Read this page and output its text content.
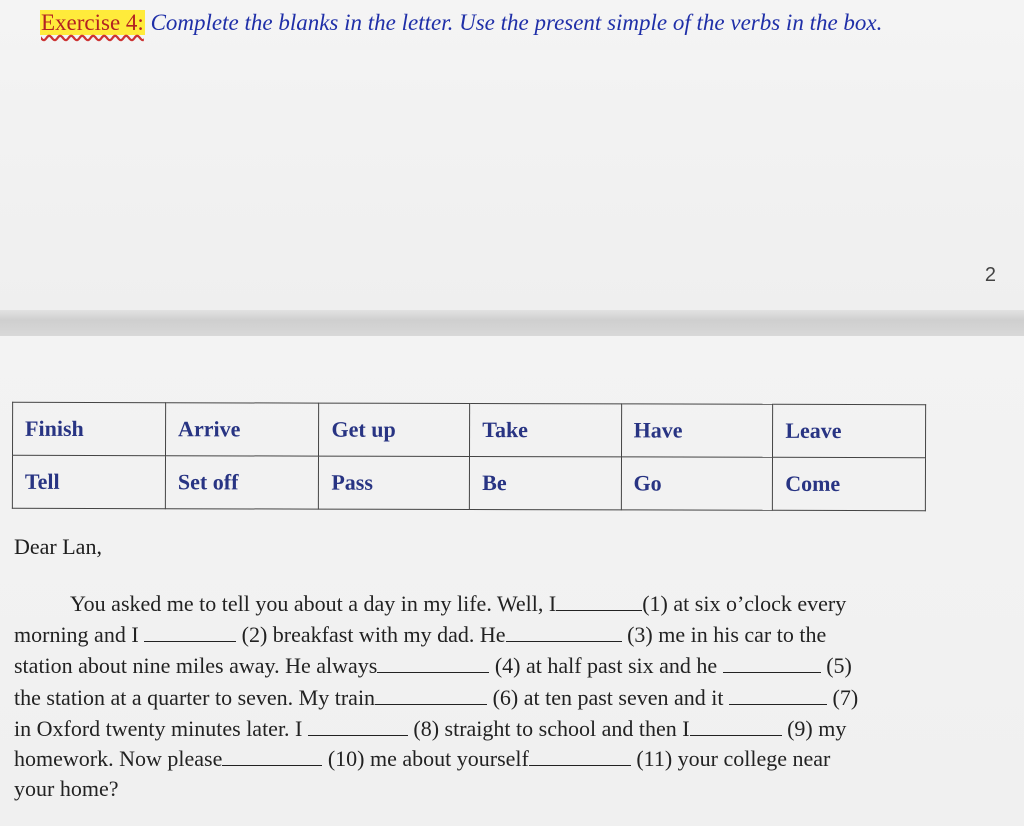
Exercise 4: Complete the blanks in the letter. Use the present simple of the verbs in the box.
2
Finish	Arrive	Get up	Take	Have	Leave
Tell	Set off	Pass	Be	Go	Come
Dear Lan,
You asked me to tell you about a day in my life. Well, I	(1) at six o’clock every
morning and I	(2) breakfast with my dad. He	(3) me in his car to the
station about nine miles away. He always	(4) at half past six and he	(5)
the station at a quarter to seven. My train	(6) at ten past seven and it	(7)
in Oxford twenty minutes later. I	(8) straight to school and then I	(9) my
homework. Now please	(10) me about yourself	(11) your college near
your home?
